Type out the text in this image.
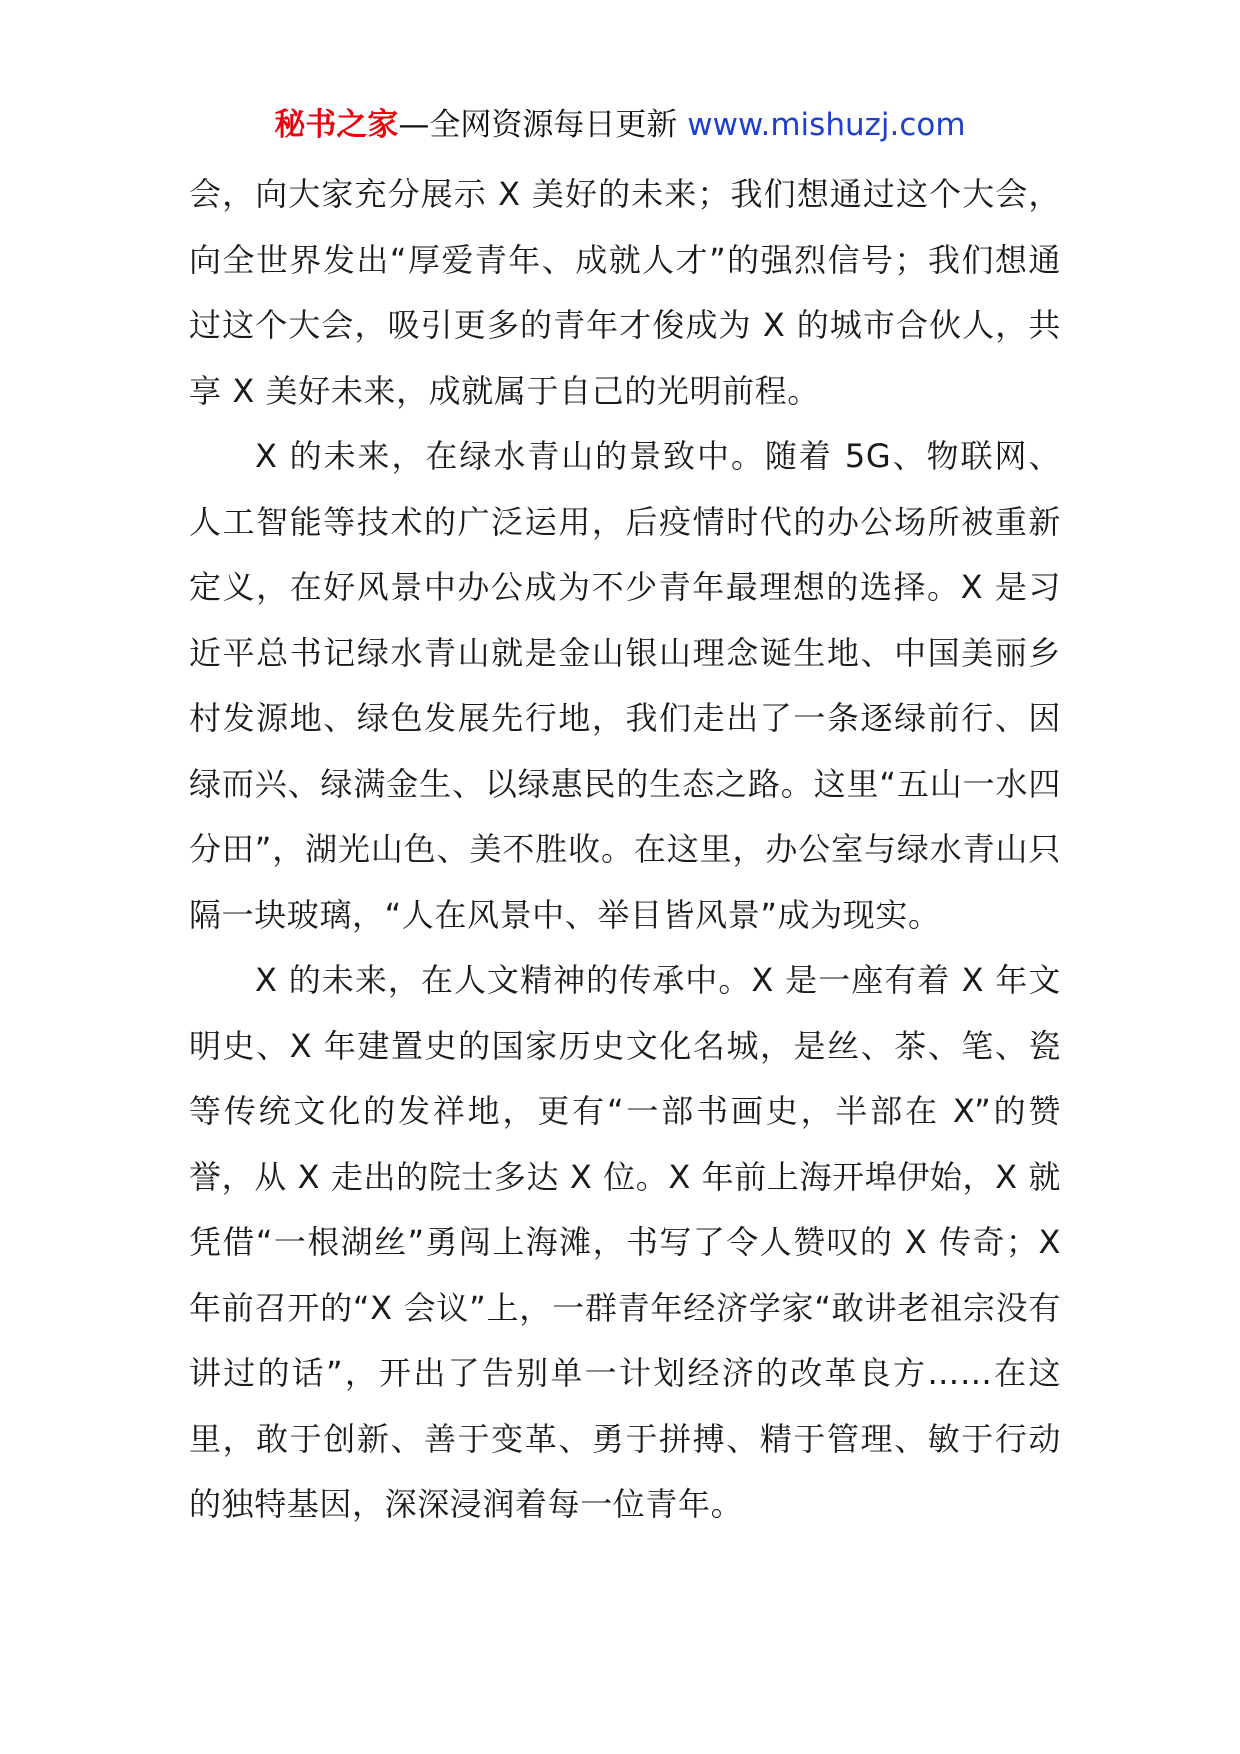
秘书之家—全网资源每日更新 www.mishuzj.com

会，向大家充分展示 X 美好的未来；我们想通过这个大会，向全世界发出“厚爱青年、成就人才”的强烈信号；我们想通过这个大会，吸引更多的青年才俊成为 X 的城市合伙人，共享 X 美好未来，成就属于自己的光明前程。

X 的未来，在绿水青山的景致中。随着 5G、物联网、人工智能等技术的广泛运用，后疫情时代的办公场所被重新定义，在好风景中办公成为不少青年最理想的选择。X 是习近平总书记绿水青山就是金山银山理念诞生地、中国美丽乡村发源地、绿色发展先行地，我们走出了一条逐绿前行、因绿而兴、绿满金生、以绿惠民的生态之路。这里“五山一水四分田”，湖光山色、美不胜收。在这里，办公室与绿水青山只隔一块玻璃，“人在风景中、举目皆风景”成为现实。

X 的未来，在人文精神的传承中。X 是一座有着 X 年文明史、X 年建置史的国家历史文化名城，是丝、茶、笔、瓷等传统文化的发祥地，更有“一部书画史，半部在 X”的赞誉，从 X 走出的院士多达 X 位。X 年前上海开埠伊始，X 就凭借“一根湖丝”勇闯上海滩，书写了令人赞叹的 X 传奇；X 年前召开的“X 会议”上，一群青年经济学家“敢讲老祖宗没有讲过的话”，开出了告别单一计划经济的改革良方……在这里，敢于创新、善于变革、勇于拼搏、精于管理、敏于行动的独特基因，深深浸润着每一位青年。
